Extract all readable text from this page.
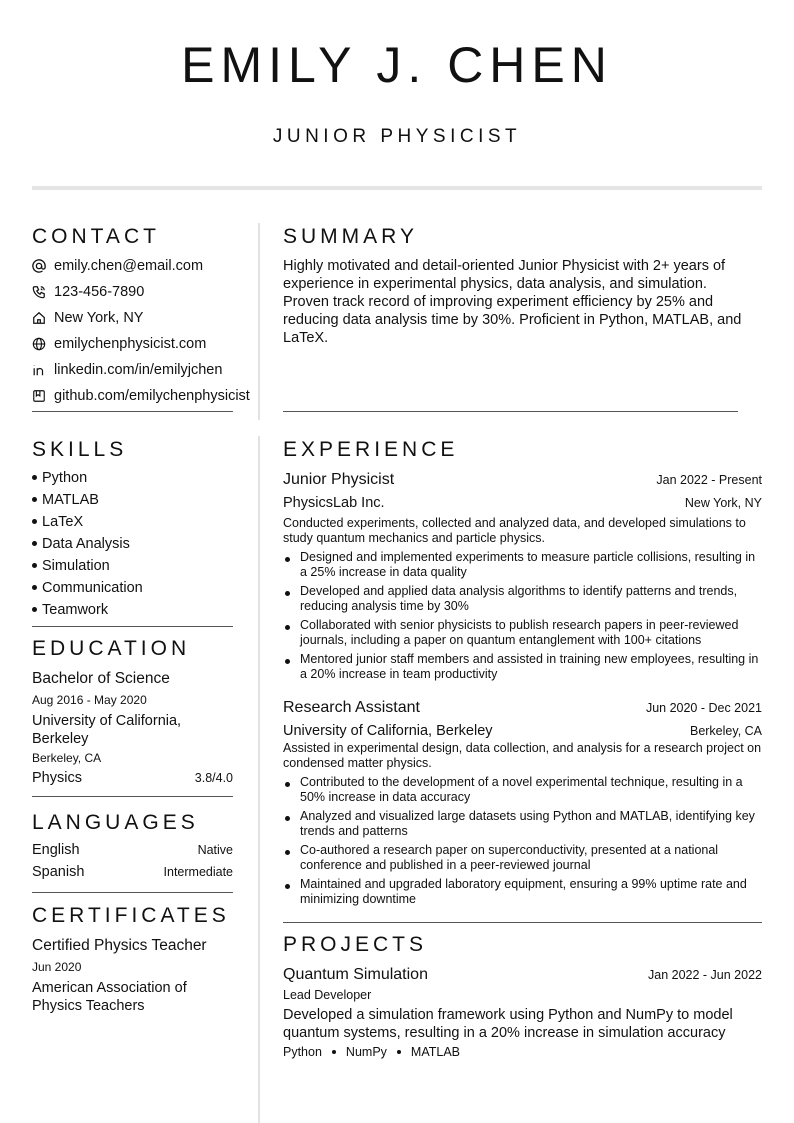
EMILY J. CHEN
JUNIOR PHYSICIST
CONTACT
emily.chen@email.com
123-456-7890
New York, NY
emilychenphysicist.com
linkedin.com/in/emilyjchen
github.com/emilychenphysicist
SUMMARY
Highly motivated and detail-oriented Junior Physicist with 2+ years of experience in experimental physics, data analysis, and simulation. Proven track record of improving experiment efficiency by 25% and reducing data analysis time by 30%. Proficient in Python, MATLAB, and LaTeX.
SKILLS
Python
MATLAB
LaTeX
Data Analysis
Simulation
Communication
Teamwork
EDUCATION
Bachelor of Science
Aug 2016 - May 2020
University of California, Berkeley
Berkeley, CA
Physics	3.8/4.0
LANGUAGES
English	Native
Spanish	Intermediate
CERTIFICATES
Certified Physics Teacher
Jun 2020
American Association of Physics Teachers
EXPERIENCE
Junior Physicist	Jan 2022 - Present
PhysicsLab Inc.	New York, NY
Conducted experiments, collected and analyzed data, and developed simulations to study quantum mechanics and particle physics.
Designed and implemented experiments to measure particle collisions, resulting in a 25% increase in data quality
Developed and applied data analysis algorithms to identify patterns and trends, reducing analysis time by 30%
Collaborated with senior physicists to publish research papers in peer-reviewed journals, including a paper on quantum entanglement with 100+ citations
Mentored junior staff members and assisted in training new employees, resulting in a 20% increase in team productivity
Research Assistant	Jun 2020 - Dec 2021
University of California, Berkeley	Berkeley, CA
Assisted in experimental design, data collection, and analysis for a research project on condensed matter physics.
Contributed to the development of a novel experimental technique, resulting in a 50% increase in data accuracy
Analyzed and visualized large datasets using Python and MATLAB, identifying key trends and patterns
Co-authored a research paper on superconductivity, presented at a national conference and published in a peer-reviewed journal
Maintained and upgraded laboratory equipment, ensuring a 99% uptime rate and minimizing downtime
PROJECTS
Quantum Simulation	Jan 2022 - Jun 2022
Lead Developer
Developed a simulation framework using Python and NumPy to model quantum systems, resulting in a 20% increase in simulation accuracy
Python NumPy MATLAB
